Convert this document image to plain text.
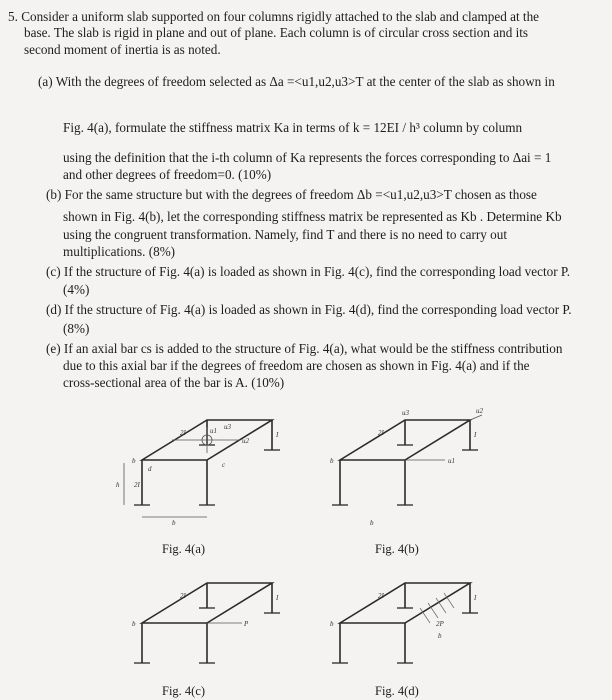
5. Consider a uniform slab supported on four columns rigidly attached to the slab and clamped at the
base. The slab is rigid in plane and out of plane. Each column is of circular cross section and its
second moment of inertia is as noted.
(a) With the degrees of freedom selected as Δa =<u1,u2,u3>T at the center of the slab as shown in
Fig. 4(a), formulate the stiffness matrix Ka in terms of k = 12EI / h³ column by column
using the definition that the i-th column of Ka represents the forces corresponding to Δai = 1
and other degrees of freedom=0. (10%)
(b) For the same structure but with the degrees of freedom Δb =<u1,u2,u3>T chosen as those
shown in Fig. 4(b), let the corresponding stiffness matrix be represented as Kb . Determine Kb
using the congruent transformation. Namely, find T and there is no need to carry out
multiplications. (8%)
(c) If the structure of Fig. 4(a) is loaded as shown in Fig. 4(c), find the corresponding load vector P.
(4%)
(d) If the structure of Fig. 4(a) is loaded as shown in Fig. 4(d), find the corresponding load vector P.
(8%)
(e) If an axial bar cs is added to the structure of Fig. 4(a), what would be the stiffness contribution
due to this axial bar if the degrees of freedom are chosen as shown in Fig. 4(a) and if the
cross-sectional area of the bar is A. (10%)
b
d	c
I
2I
h 2I
b
u1
u2
u3
Fig. 4(a)
b
2I	I
b
u3
u1
u2
Fig. 4(b)
b
2I	I
P
Fig. 4(c)
b
2I	I
2P
b
Fig. 4(d)
